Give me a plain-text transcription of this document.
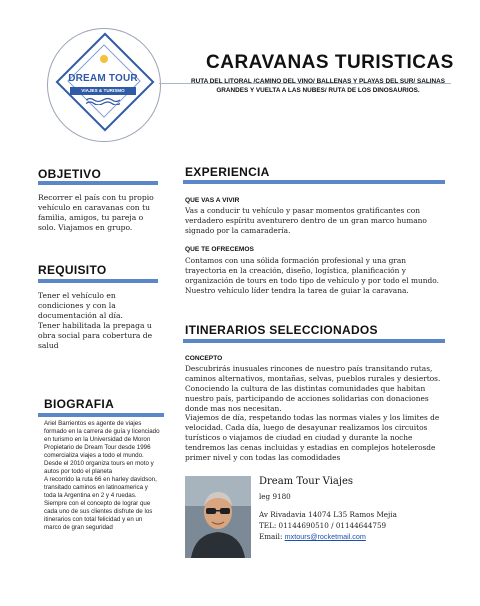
DREAM TOUR
VIAJES & TURISMO
CARAVANAS TURISTICAS
RUTA DEL LITORAL /CAMINO DEL VINO/ BALLENAS Y PLAYAS DEL SUR/ SALINAS GRANDES Y VUELTA A LAS NUBES/ RUTA DE LOS DINOSAURIOS.
OBJETIVO
Recorrer el país con tu propio vehículo en caravanas con tu familia, amigos, tu pareja o solo. Viajamos en grupo.
REQUISITO
Tener el vehículo en condiciones y con la documentación al día.
Tener habilitada la prepaga u obra social para cobertura de salud
BIOGRAFIA
Ariel Barrientos es agente de viajes
formado en la carrera de guía y licenciado
en turismo en la Universidad de Moron
Propietario de Dream Tour desde 1996
comercializa viajes a todo el mundo.
Desde el 2010 organiza tours en moto y
autos por todo el planeta
A recorrido la ruta 66 en harley davidson,
transitado caminos en latinoamerica y
toda la Argentina en 2 y 4 ruedas.
Siempre con el concepto de lograr que
cada uno de sus clientes disfrute de los
itinerarios con total felicidad y en un
marco de gran seguridad
EXPERIENCIA
QUE VAS A VIVIR
Vas a conducir tu vehículo y pasar momentos gratificantes con verdadero espíritu aventurero dentro de un gran marco humano signado por la camaradería.
QUE TE OFRECEMOS
Contamos con una sólida formación profesional y una gran trayectoria en la creación, diseño, logística, planificación y organización de tours en todo tipo de vehículo y por todo el mundo. Nuestro vehículo líder tendra la tarea de guiar la caravana.
ITINERARIOS SELECCIONADOS
CONCEPTO
Descubrirás inusuales rincones de nuestro país transitando rutas, caminos alternativos, montañas, selvas, pueblos rurales y desiertos. Conociendo la cultura de las distintas comunidades que habitan nuestro país, participando de acciones solidarias con donaciones donde mas nos necesitan.
Viajemos de día, respetando todas las normas viales y los limites de velocidad. Cada día, luego de desayunar realizamos los circuitos turísticos o viajamos de ciudad en ciudad y durante la noche tendremos las cenas incluidas y estadias en complejos hotelerosde primer nivel y con todas las comodidades
Dream Tour Viajes
leg 9180
Av Rivadavia 14074 L35 Ramos Mejia
TEL: 01144690510 / 01144644759
Email: mxtours@rocketmail.com
